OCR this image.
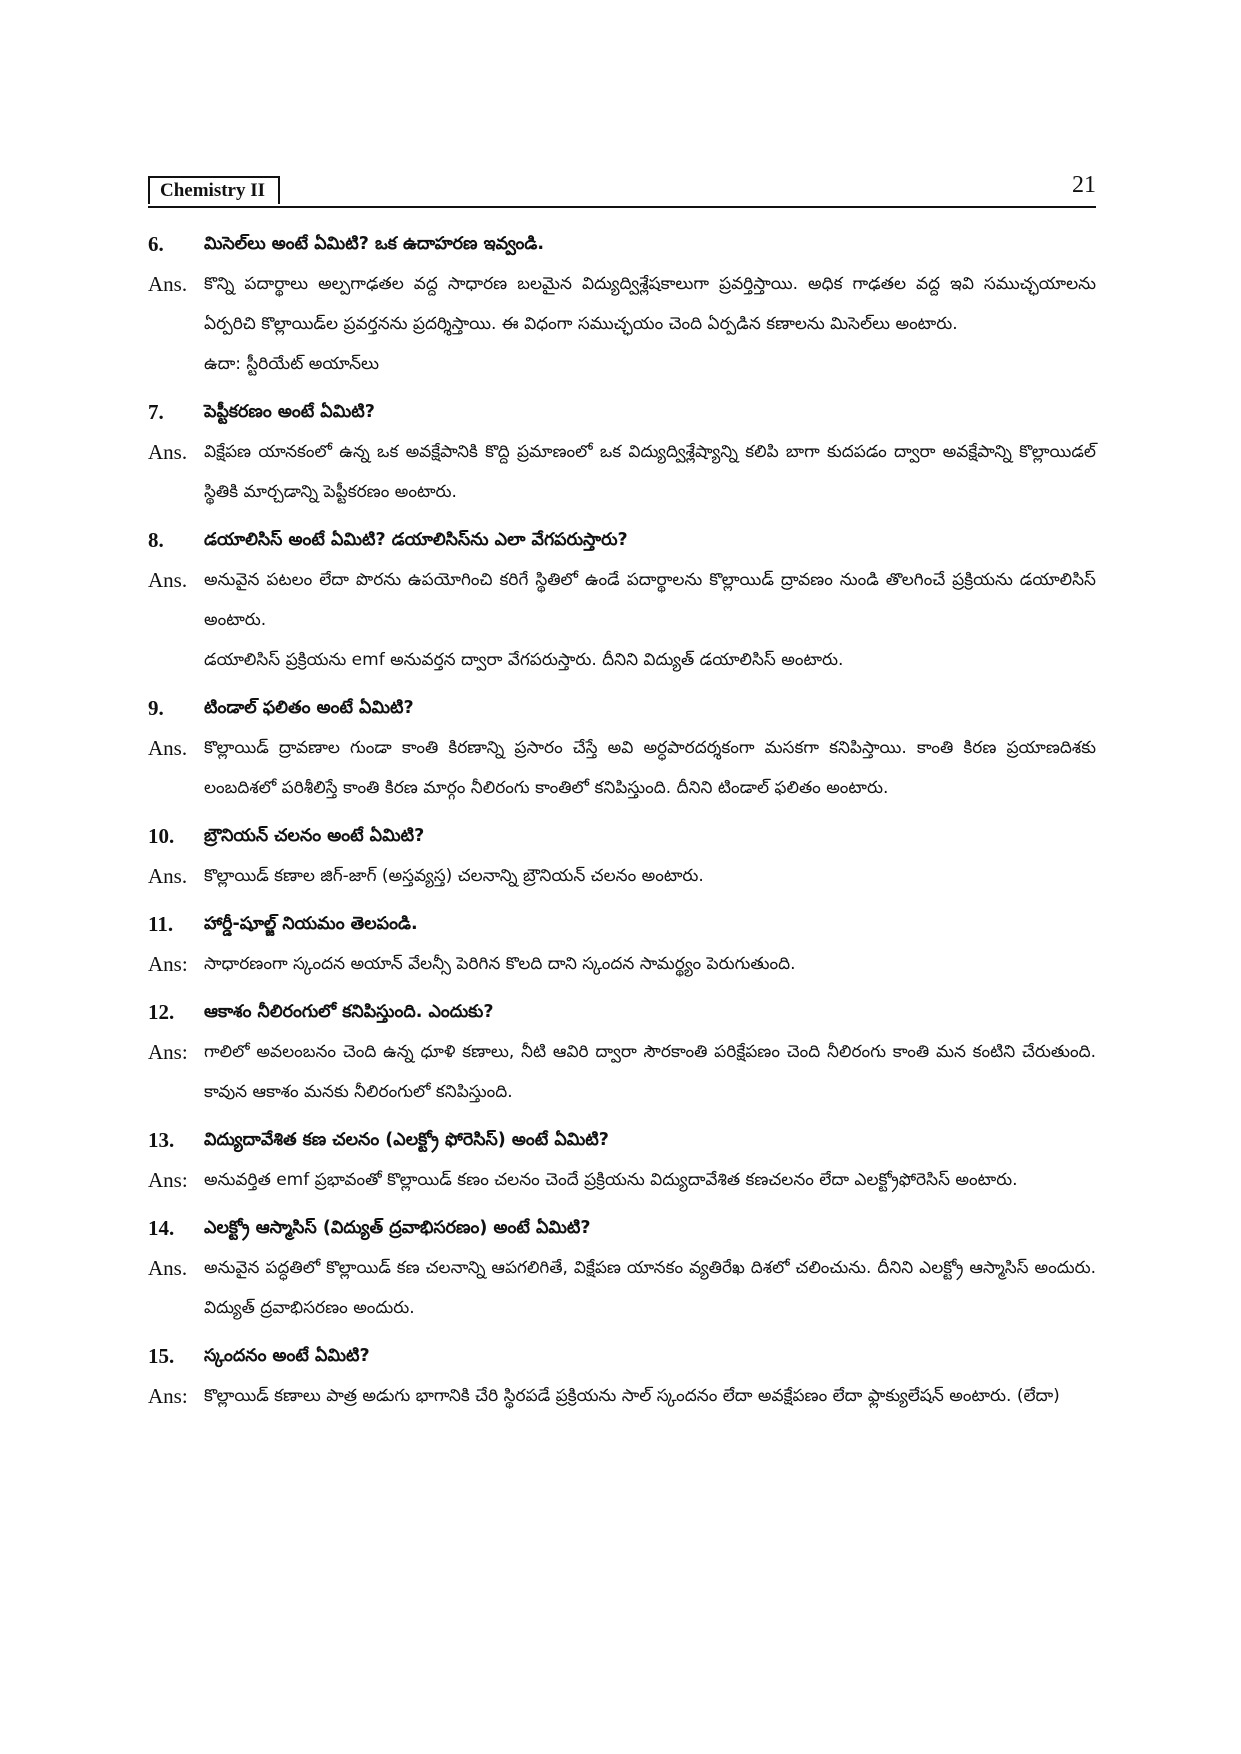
Chemistry II	21
6.	మిసెల్‌లు అంటే ఏమిటి? ఒక ఉదాహరణ ఇవ్వండి.
Ans. కొన్ని పదార్థాలు అల్పగాఢతల వద్ద సాధారణ బలమైన విద్యుద్విశ్లేషకాలుగా ప్రవర్తిస్తాయి. అధిక గాఢతల వద్ద ఇవి సముచ్ఛయాలను ఏర్పరిచి కొల్లాయిడ్‌ల ప్రవర్తనను ప్రదర్శిస్తాయి. ఈ విధంగా సముచ్ఛయం చెంది ఏర్పడిన కణాలను మిసెల్‌లు అంటారు.

ఉదా: స్టీరియేట్ అయాన్‌లు

7.	పెప్టీకరణం అంటే ఏమిటి?
Ans. విక్షేపణ యానకంలో ఉన్న ఒక అవక్షేపానికి కొద్ది ప్రమాణంలో ఒక విద్యుద్విశ్లేష్యాన్ని కలిపి బాగా కుదపడం ద్వారా అవక్షేపాన్ని కొల్లాయిడల్ స్థితికి మార్చడాన్ని పెప్టీకరణం అంటారు.

8.	డయాలిసిస్ అంటే ఏమిటి? డయాలిసిస్‌ను ఎలా వేగపరుస్తారు?
Ans. అనువైన పటలం లేదా పొరను ఉపయోగించి కరిగే స్థితిలో ఉండే పదార్థాలను కొల్లాయిడ్ ద్రావణం నుండి తొలగించే ప్రక్రియను డయాలిసిస్ అంటారు.

డయాలిసిస్ ప్రక్రియను emf అనువర్తన ద్వారా వేగపరుస్తారు. దీనిని విద్యుత్ డయాలిసిస్ అంటారు.

9.	టిండాల్ ఫలితం అంటే ఏమిటి?
Ans. కొల్లాయిడ్ ద్రావణాల గుండా కాంతి కిరణాన్ని ప్రసారం చేస్తే అవి అర్ధపారదర్శకంగా మసకగా కనిపిస్తాయి. కాంతి కిరణ ప్రయాణదిశకు లంబదిశలో పరిశీలిస్తే కాంతి కిరణ మార్గం నీలిరంగు కాంతిలో కనిపిస్తుంది. దీనిని టిండాల్ ఫలితం అంటారు.

10.	బ్రౌనియన్ చలనం అంటే ఏమిటి?
Ans. కొల్లాయిడ్ కణాల జిగ్-జాగ్ (అస్తవ్యస్త) చలనాన్ని బ్రౌనియన్ చలనం అంటారు.

11.	హార్డీ-షూల్జ్ నియమం తెలపండి.
Ans: సాధారణంగా స్కందన అయాన్ వేలన్సీ పెరిగిన కొలది దాని స్కందన సామర్థ్యం పెరుగుతుంది.

12.	ఆకాశం నీలిరంగులో కనిపిస్తుంది. ఎందుకు?
Ans: గాలిలో అవలంబనం చెంది ఉన్న ధూళి కణాలు, నీటి ఆవిరి ద్వారా సౌరకాంతి పరిక్షేపణం చెంది నీలిరంగు కాంతి మన కంటిని చేరుతుంది. కావున ఆకాశం మనకు నీలిరంగులో కనిపిస్తుంది.

13.	విద్యుదావేశిత కణ చలనం (ఎలక్ట్రో ఫోరెసిస్) అంటే ఏమిటి?
Ans: అనువర్తిత emf ప్రభావంతో కొల్లాయిడ్ కణం చలనం చెందే ప్రక్రియను విద్యుదావేశిత కణచలనం లేదా ఎలక్ట్రోఫోరెసిస్ అంటారు.

14.	ఎలక్ట్రో ఆస్మాసిస్ (విద్యుత్ ద్రవాభిసరణం) అంటే ఏమిటి?
Ans. అనువైన పద్ధతిలో కొల్లాయిడ్ కణ చలనాన్ని ఆపగలిగితే, విక్షేపణ యానకం వ్యతిరేఖ దిశలో చలించును. దీనిని ఎలక్ట్రో ఆస్మాసిస్ అందురు. విద్యుత్ ద్రవాభిసరణం అందురు.

15.	స్కందనం అంటే ఏమిటి?
Ans: కొల్లాయిడ్ కణాలు పాత్ర అడుగు భాగానికి చేరి స్థిరపడే ప్రక్రియను సాల్ స్కందనం లేదా అవక్షేపణం లేదా ఫ్లాక్యులేషన్ అంటారు. (లేదా)
